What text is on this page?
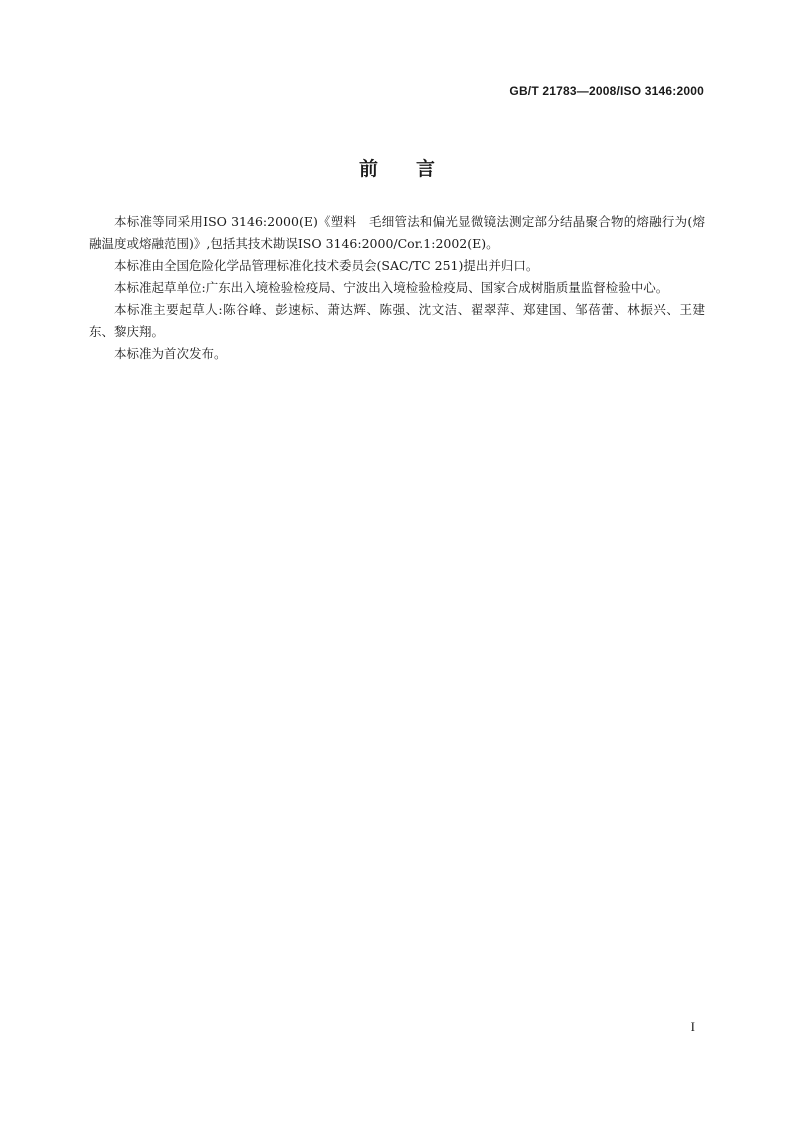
GB/T 21783—2008/ISO 3146:2000
前 言

本标准等同采用ISO 3146:2000(E)《塑料　毛细管法和偏光显微镜法测定部分结晶聚合物的熔融行为(熔融温度或熔融范围)》,包括其技术勘误ISO 3146:2000/Cor.1:2002(E)。

本标准由全国危险化学品管理标准化技术委员会(SAC/TC 251)提出并归口。

本标准起草单位:广东出入境检验检疫局、宁波出入境检验检疫局、国家合成树脂质量监督检验中心。

本标准主要起草人:陈谷峰、彭速标、萧达辉、陈强、沈文洁、翟翠萍、郑建国、邹蓓蕾、林振兴、王建东、黎庆翔。

本标准为首次发布。

I
